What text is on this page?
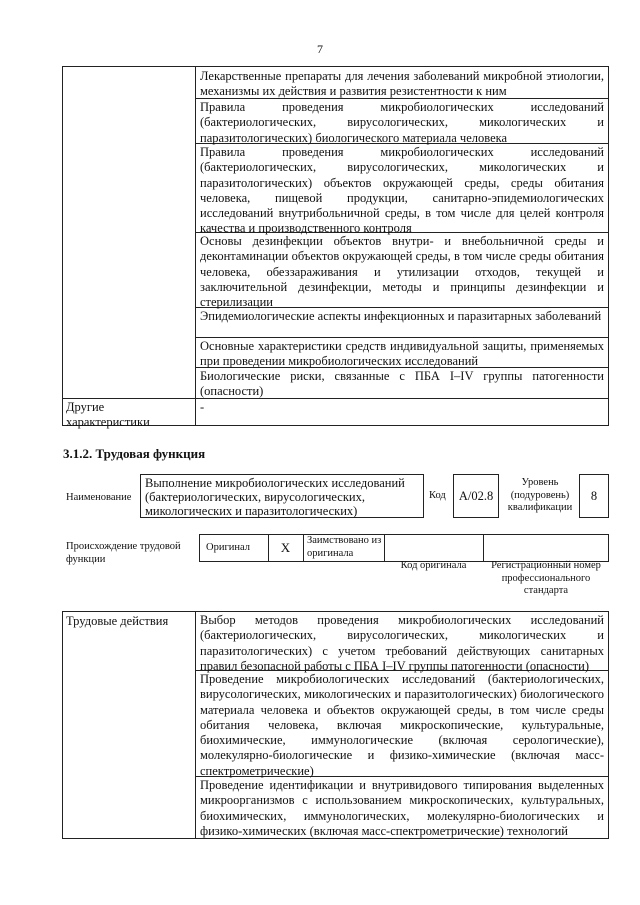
7
Лекарственные препараты для лечения заболеваний микробной этиологии, механизмы их действия и развития резистентности к ним
Правила проведения микробиологических исследований (бактериологических, вирусологических, микологических и паразитологических) биологического материала человека
Правила проведения микробиологических исследований (бактериологических, вирусологических, микологических и паразитологических) объектов окружающей среды, среды обитания человека, пищевой продукции, санитарно-эпидемиологических исследований внутрибольничной среды, в том числе для целей контроля качества и производственного контроля
Основы дезинфекции объектов внутри- и внебольничной среды и деконтаминации объектов окружающей среды, в том числе среды обитания человека, обеззараживания и утилизации отходов, текущей и заключительной дезинфекции, методы и принципы дезинфекции и стерилизации
Эпидемиологические аспекты инфекционных и паразитарных заболеваний
Основные характеристики средств индивидуальной защиты, применяемых при проведении микробиологических исследований
Биологические риски, связанные с ПБА I–IV группы патогенности (опасности)
Другие характеристики
-
3.1.2. Трудовая функция
Наименование
Выполнение микробиологических исследований (бактериологических, вирусологических, микологических и паразитологических)
Код	A/02.8
Уровень (подуровень) квалификации
8
Происхождение трудовой функции
Оригинал	X	Заимствовано из оригинала
Код оригинала	Регистрационный номер профессионального стандарта
Трудовые действия	Выбор методов проведения микробиологических исследований (бактериологических, вирусологических, микологических и паразитологических) с учетом требований действующих санитарных правил безопасной работы с ПБА I–IV группы патогенности (опасности)
Проведение микробиологических исследований (бактериологических, вирусологических, микологических и паразитологических) биологического материала человека и объектов окружающей среды, в том числе среды обитания человека, включая микроскопические, культуральные, биохимические, иммунологические (включая серологические), молекулярно-биологические и физико-химические (включая масс-спектрометрические)
Проведение идентификации и внутривидового типирования выделенных микроорганизмов с использованием микроскопических, культуральных, биохимических, иммунологических, молекулярно-биологических и физико-химических (включая масс-спектрометрические) технологий
